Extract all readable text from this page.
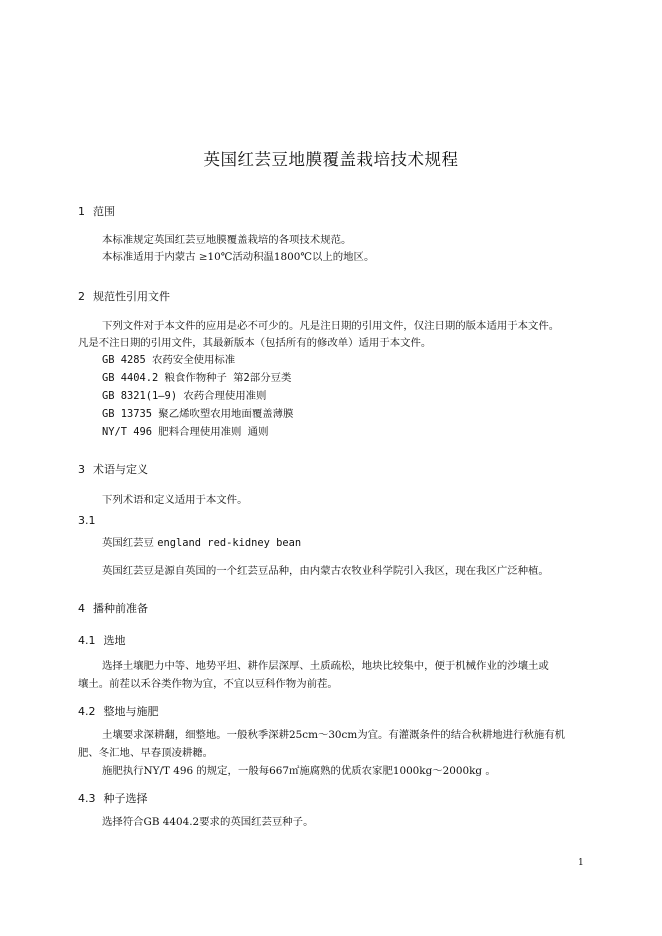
英国红芸豆地膜覆盖栽培技术规程
1 范围
本标准规定英国红芸豆地膜覆盖栽培的各项技术规范。
本标准适用于内蒙古 ≥10℃活动积温1800℃以上的地区。
2 规范性引用文件
下列文件对于本文件的应用是必不可少的。凡是注日期的引用文件，仅注日期的版本适用于本文件。
凡是不注日期的引用文件，其最新版本（包括所有的修改单）适用于本文件。
GB 4285 农药安全使用标准
GB 4404.2 粮食作物种子 第2部分豆类
GB 8321(1—9) 农药合理使用准则
GB 13735 聚乙烯吹塑农用地面覆盖薄膜
NY/T 496 肥料合理使用准则 通则
3 术语与定义
下列术语和定义适用于本文件。
3.1
英国红芸豆 england red-kidney bean
英国红芸豆是源自英国的一个红芸豆品种，由内蒙古农牧业科学院引入我区，现在我区广泛种植。
4 播种前准备
4.1 选地
选择土壤肥力中等、地势平坦、耕作层深厚、土质疏松，地块比较集中，便于机械作业的沙壤土或
壤土。前茬以禾谷类作物为宜，不宜以豆科作物为前茬。
4.2 整地与施肥
土壤要求深耕翻，细整地。一般秋季深耕25cm～30cm为宜。有灌溉条件的结合秋耕地进行秋施有机
肥、冬汇地、早春顶凌耕耱。
施肥执行NY/T 496 的规定，一般每667㎡施腐熟的优质农家肥1000kg～2000kg 。
4.3 种子选择
选择符合GB 4404.2要求的英国红芸豆种子。
1
